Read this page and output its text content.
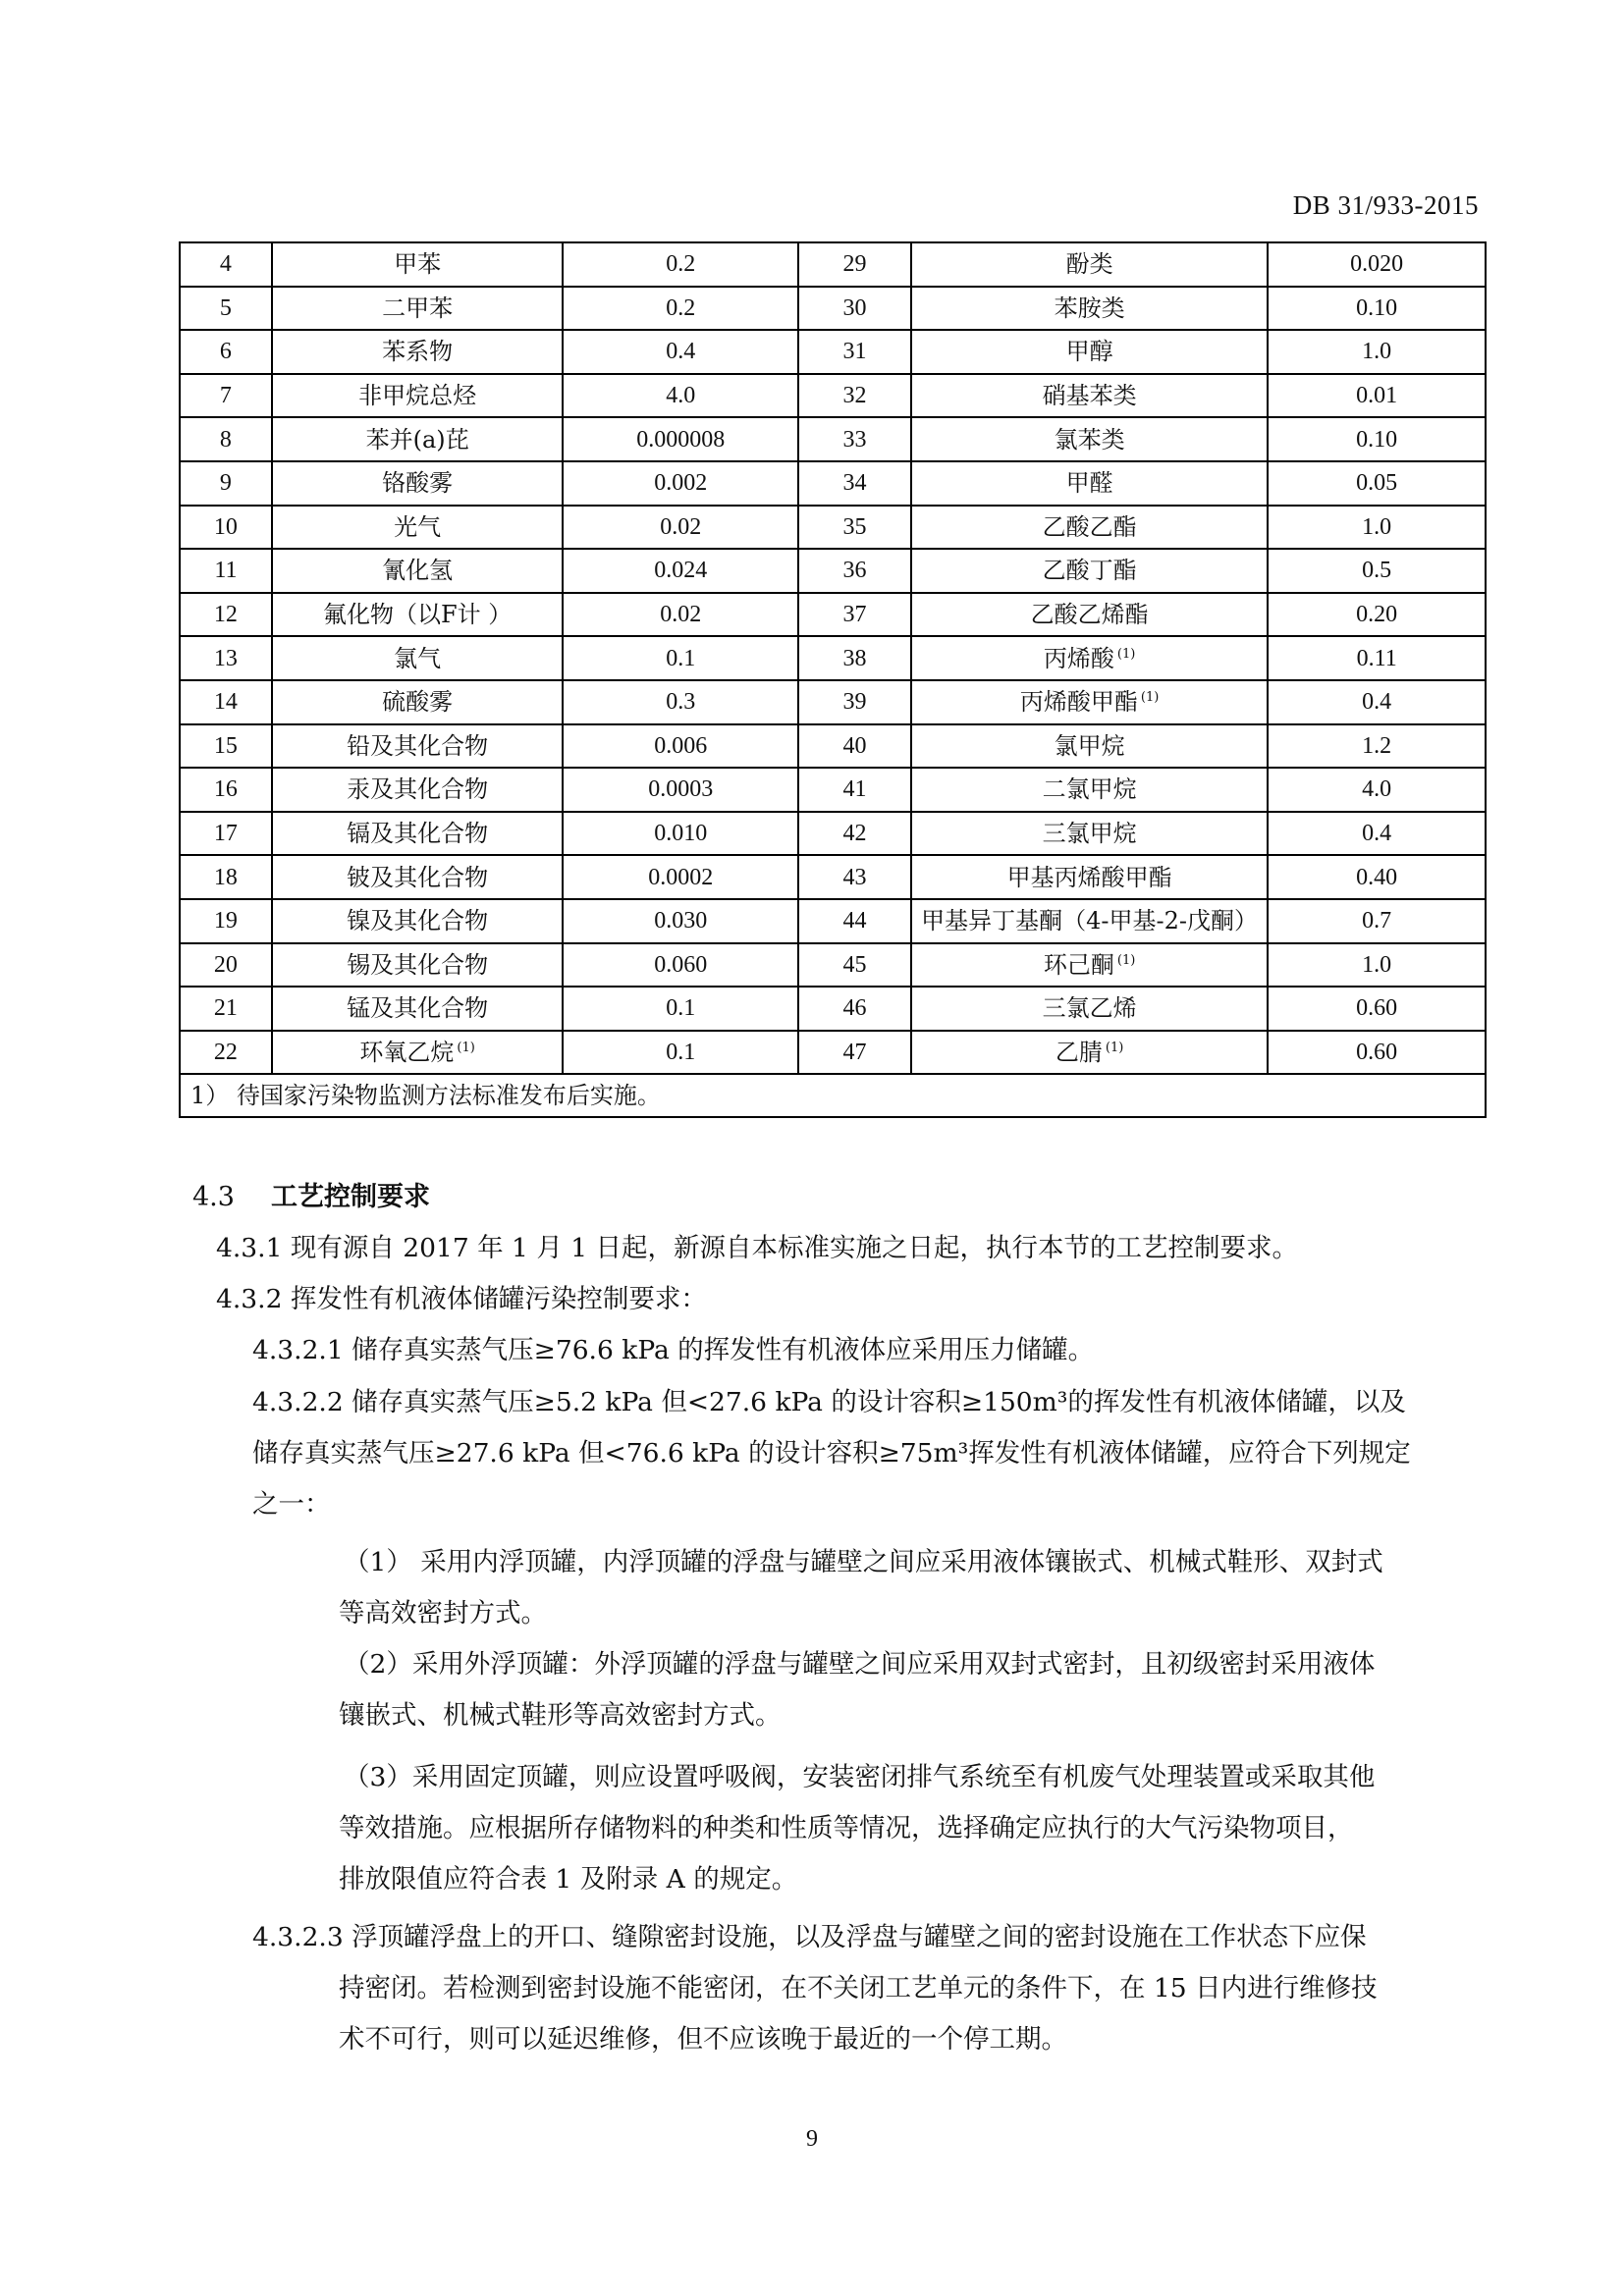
DB 31/933-2015
4	甲苯	0.2	29	酚类	0.020
5	二甲苯	0.2	30	苯胺类	0.10
6	苯系物	0.4	31	甲醇	1.0
7	非甲烷总烃	4.0	32	硝基苯类	0.01
8	苯并(a)芘	0.000008	33	氯苯类	0.10
9	铬酸雾	0.002	34	甲醛	0.05
10	光气	0.02	35	乙酸乙酯	1.0
11	氰化氢	0.024	36	乙酸丁酯	0.5
12	氟化物（以F计 ）	0.02	37	乙酸乙烯酯	0.20
13	氯气	0.1	38	丙烯酸 $^{(1)}$	0.11
14	硫酸雾	0.3	39	丙烯酸甲酯 $^{(1)}$	0.4
15	铅及其化合物	0.006	40	氯甲烷	1.2
16	汞及其化合物	0.0003	41	二氯甲烷	4.0
17	镉及其化合物	0.010	42	三氯甲烷	0.4
18	铍及其化合物	0.0002	43	甲基丙烯酸甲酯	0.40
19	镍及其化合物	0.030	44	甲基异丁基酮（4-甲基-2-戊酮）	0.7
20	锡及其化合物	0.060	45	环己酮 $^{(1)}$	1.0
21	锰及其化合物	0.1	46	三氯乙烯	0.60
22	环氧乙烷 $^{(1)}$	0.1	47	乙腈 $^{(1)}$	0.60
1） 待国家污染物监测方法标准发布后实施。					
4.3 工艺控制要求
4.3.1 现有源自 2017 年 1 月 1 日起，新源自本标准实施之日起，执行本节的工艺控制要求。
4.3.2 挥发性有机液体储罐污染控制要求：
4.3.2.1 储存真实蒸气压≥76.6 kPa 的挥发性有机液体应采用压力储罐。
4.3.2.2 储存真实蒸气压≥5.2 kPa 但<27.6 kPa 的设计容积≥150m³的挥发性有机液体储罐，以及
储存真实蒸气压≥27.6 kPa 但<76.6 kPa 的设计容积≥75m³挥发性有机液体储罐，应符合下列规定
之一：
（1） 采用内浮顶罐，内浮顶罐的浮盘与罐壁之间应采用液体镶嵌式、机械式鞋形、双封式
等高效密封方式。
（2）采用外浮顶罐：外浮顶罐的浮盘与罐壁之间应采用双封式密封，且初级密封采用液体
镶嵌式、机械式鞋形等高效密封方式。
（3）采用固定顶罐，则应设置呼吸阀，安装密闭排气系统至有机废气处理装置或采取其他
等效措施。应根据所存储物料的种类和性质等情况，选择确定应执行的大气污染物项目，
排放限值应符合表 1 及附录 A 的规定。
4.3.2.3 浮顶罐浮盘上的开口、缝隙密封设施，以及浮盘与罐壁之间的密封设施在工作状态下应保
持密闭。若检测到密封设施不能密闭，在不关闭工艺单元的条件下，在 15 日内进行维修技
术不可行，则可以延迟维修，但不应该晚于最近的一个停工期。
9
